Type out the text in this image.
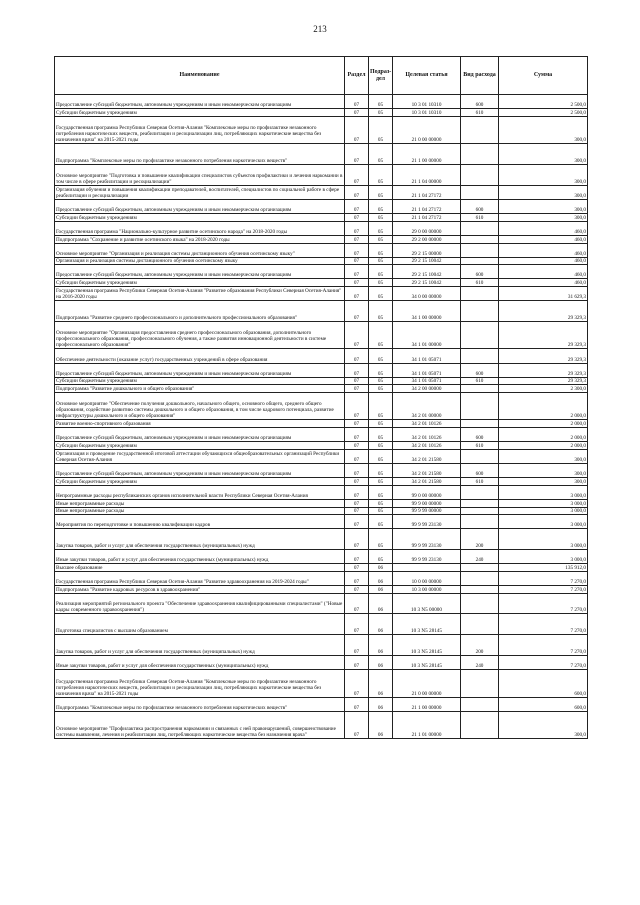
213
Наименование	Раздел	Подраз-дел	Целевая статья	Вид расхода	Сумма
Предоставление субсидий бюджетным, автономным учреждениям и иным некоммерческим организациям	07	05	10 3 01 10310	600	2 500,0
Субсидии бюджетным учреждениям	07	05	10 3 01 10310	610	2 500,0
Государственная программа Республики Северная Осетия-Алания "Комплексные меры по профилактике незаконного потребления наркотических веществ, реабилитации и ресоциализации лиц, потребляющих наркотические вещества без назначения врача" на 2015-2021 годы	07	05	21 0 00 00000		300,0
Подпрограмма "Комплексные меры по профилактике незаконного потребления наркотических веществ"	07	05	21 1 00 00000		300,0
Основное мероприятие "Подготовка и повышение квалификации специалистов субъектов профилактики и лечения наркомании в том числе в сфере реабилитации и ресоциализации"	07	05	21 1 04 00000		300,0
Организация обучения и повышения квалификации преподавателей, воспитателей, специалистов по социальной работе в сфере реабилитации и ресоциализации	07	05	21 1 04 27172		300,0
Предоставление субсидий бюджетным, автономным учреждениям и иным некоммерческим организациям	07	05	21 1 04 27172	600	300,0
Субсидии бюджетным учреждениям	07	05	21 1 04 27172	610	300,0
Государственная программа "Национально-культурное развитие осетинского народа" на 2018-2020 годы	07	05	29 0 00 00000		460,0
Подпрограмма "Сохранение и развитие осетинского языка" на 2018-2020 годы	07	05	29 2 00 00000		460,0
Основное мероприятие "Организация и реализация системы дистанционного обучения осетинскому языку"	07	05	29 2 15 00000		460,0
Организация и реализация системы дистанционного обучения осетинскому языку	07	05	29 2 15 10042		460,0
Предоставление субсидий бюджетным, автономным учреждениям и иным некоммерческим организациям	07	05	29 2 15 10042	600	460,0
Субсидии бюджетным учреждениям	07	05	29 2 15 10042	610	460,0
Государственная программа Республики Северная Осетия-Алания "Развитие образования Республики Северная Осетия-Алания" на 2016-2020 годы	07	05	34 0 00 00000		31 629,3
Подпрограмма "Развитие среднего профессионального и дополнительного профессионального образования"	07	05	34 1 00 00000		29 329,3
Основное мероприятие "Организация предоставления среднего профессионального образования, дополнительного профессионального образования, профессионального обучения, а также развития инновационной деятельности в системе профессионального образования"	07	05	34 1 01 00000		29 329,3
Обеспечение деятельности (оказание услуг) государственных учреждений в сфере образования	07	05	34 1 01 05071		29 329,3
Предоставление субсидий бюджетным, автономным учреждениям и иным некоммерческим организациям	07	05	34 1 01 05071	600	29 329,3
Субсидии бюджетным учреждениям	07	05	34 1 01 05071	610	29 329,3
Подпрограмма "Развитие дошкольного и общего образования"	07	05	34 2 00 00000		2 300,0
Основное мероприятие "Обеспечение получения дошкольного, начального общего, основного общего, среднего общего образования, содействие развитию системы дошкольного и общего образования, в том числе кадрового потенциала, развитие инфраструктуры дошкольного и общего образования"	07	05	34 2 01 00000		2 000,0
Развитие военно-спортивного образования	07	05	34 2 01 10126		2 000,0
Предоставление субсидий бюджетным, автономным учреждениям и иным некоммерческим организациям	07	05	34 2 01 10126	600	2 000,0
Субсидии бюджетным учреждениям	07	05	34 2 01 10126	610	2 000,0
Организация и проведение государственной итоговой аттестации обучающихся общеобразовательных организаций Республики Северная Осетия-Алания	07	05	34 2 01 21580		300,0
Предоставление субсидий бюджетным, автономным учреждениям и иным некоммерческим организациям	07	05	34 2 01 21580	600	300,0
Субсидии бюджетным учреждениям	07	05	34 2 01 21580	610	300,0
Непрограммные расходы республиканских органов исполнительной власти Республики Северная Осетия-Алания	07	05	99 0 00 00000		3 000,0
Иные непрограммные расходы	07	05	99 9 00 00000		3 000,0
Иные непрограммные расходы	07	05	99 9 99 00000		3 000,0
Мероприятия по переподготовке и повышению квалификации кадров	07	05	99 9 99 23130		3 000,0
Закупка товаров, работ и услуг для обеспечения государственных (муниципальных) нужд	07	05	99 9 99 23130	200	3 000,0
Иные закупки товаров, работ и услуг для обеспечения государственных (муниципальных) нужд	07	05	99 9 99 23130	240	3 000,0
Высшее образование	07	06			135 912,0
Государственная программа Республики Северная Осетия-Алания "Развитие здравоохранения на 2019-2024 годы"	07	06	10 0 00 00000		7 270,0
Подпрограмма "Развитие кадровых ресурсов в здравоохранении"	07	06	10 3 00 00000		7 270,0
Реализация мероприятий регионального проекта "Обеспечение здравоохранения квалифицированными специалистами" ("Новые кадры современного здравоохранения")	07	06	10 3 N5 00000		7 270,0
Подготовка специалистов с высшим образованием	07	06	10 3 N5 28145		7 270,0
Закупка товаров, работ и услуг для обеспечения государственных (муниципальных) нужд	07	06	10 3 N5 28145	200	7 270,0
Иные закупки товаров, работ и услуг для обеспечения государственных (муниципальных) нужд	07	06	10 3 N5 28145	240	7 270,0
Государственная программа Республики Северная Осетия-Алания "Комплексные меры по профилактике незаконного потребления наркотических веществ, реабилитации и ресоциализации лиц, потребляющих наркотические вещества без назначения врача" на 2015-2021 годы	07	06	21 0 00 00000		600,0
Подпрограмма "Комплексные меры по профилактике незаконного потребления наркотических веществ"	07	06	21 1 00 00000		600,0
Основное мероприятие "Профилактика распространения наркомании и связанных с ней правонарушений, совершенствование системы выявления, лечения и реабилитации лиц, потребляющих наркотические вещества без назначения врача"	07	06	21 1 01 00000		300,0
